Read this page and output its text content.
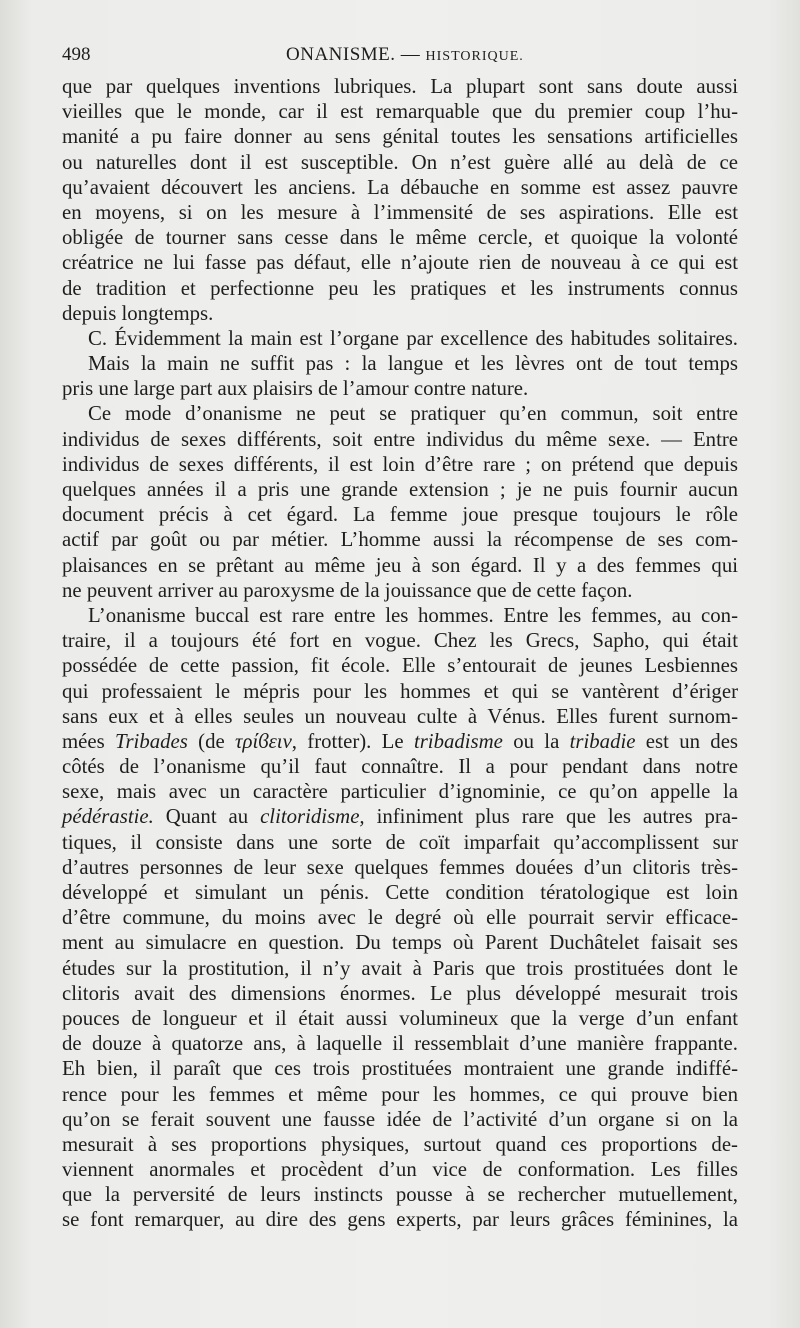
498	ONANISME. — HISTORIQUE.
que par quelques inventions lubriques. La plupart sont sans doute aussi
vieilles que le monde, car il est remarquable que du premier coup l’hu-
manité a pu faire donner au sens génital toutes les sensations artificielles
ou naturelles dont il est susceptible. On n’est guère allé au delà de ce
qu’avaient découvert les anciens. La débauche en somme est assez pauvre
en moyens, si on les mesure à l’immensité de ses aspirations. Elle est
obligée de tourner sans cesse dans le même cercle, et quoique la volonté
créatrice ne lui fasse pas défaut, elle n’ajoute rien de nouveau à ce qui est
de tradition et perfectionne peu les pratiques et les instruments connus
depuis longtemps.
C. Évidemment la main est l’organe par excellence des habitudes solitaires.
Mais la main ne suffit pas : la langue et les lèvres ont de tout temps
pris une large part aux plaisirs de l’amour contre nature.
Ce mode d’onanisme ne peut se pratiquer qu’en commun, soit entre
individus de sexes différents, soit entre individus du même sexe. — Entre
individus de sexes différents, il est loin d’être rare ; on prétend que depuis
quelques années il a pris une grande extension ; je ne puis fournir aucun
document précis à cet égard. La femme joue presque toujours le rôle
actif par goût ou par métier. L’homme aussi la récompense de ses com-
plaisances en se prêtant au même jeu à son égard. Il y a des femmes qui
ne peuvent arriver au paroxysme de la jouissance que de cette façon.
L’onanisme buccal est rare entre les hommes. Entre les femmes, au con-
traire, il a toujours été fort en vogue. Chez les Grecs, Sapho, qui était
possédée de cette passion, fit école. Elle s’entourait de jeunes Lesbiennes
qui professaient le mépris pour les hommes et qui se vantèrent d’ériger
sans eux et à elles seules un nouveau culte à Vénus. Elles furent surnom-
mées Tribades (de τρίϐειν, frotter). Le tribadisme ou la tribadie est un des
côtés de l’onanisme qu’il faut connaître. Il a pour pendant dans notre
sexe, mais avec un caractère particulier d’ignominie, ce qu’on appelle la
pédérastie. Quant au clitoridisme, infiniment plus rare que les autres pra-
tiques, il consiste dans une sorte de coït imparfait qu’accomplissent sur
d’autres personnes de leur sexe quelques femmes douées d’un clitoris très-
développé et simulant un pénis. Cette condition tératologique est loin
d’être commune, du moins avec le degré où elle pourrait servir efficace-
ment au simulacre en question. Du temps où Parent Duchâtelet faisait ses
études sur la prostitution, il n’y avait à Paris que trois prostituées dont le
clitoris avait des dimensions énormes. Le plus développé mesurait trois
pouces de longueur et il était aussi volumineux que la verge d’un enfant
de douze à quatorze ans, à laquelle il ressemblait d’une manière frappante.
Eh bien, il paraît que ces trois prostituées montraient une grande indiffé-
rence pour les femmes et même pour les hommes, ce qui prouve bien
qu’on se ferait souvent une fausse idée de l’activité d’un organe si on la
mesurait à ses proportions physiques, surtout quand ces proportions de-
viennent anormales et procèdent d’un vice de conformation. Les filles
que la perversité de leurs instincts pousse à se rechercher mutuellement,
se font remarquer, au dire des gens experts, par leurs grâces féminines, la
